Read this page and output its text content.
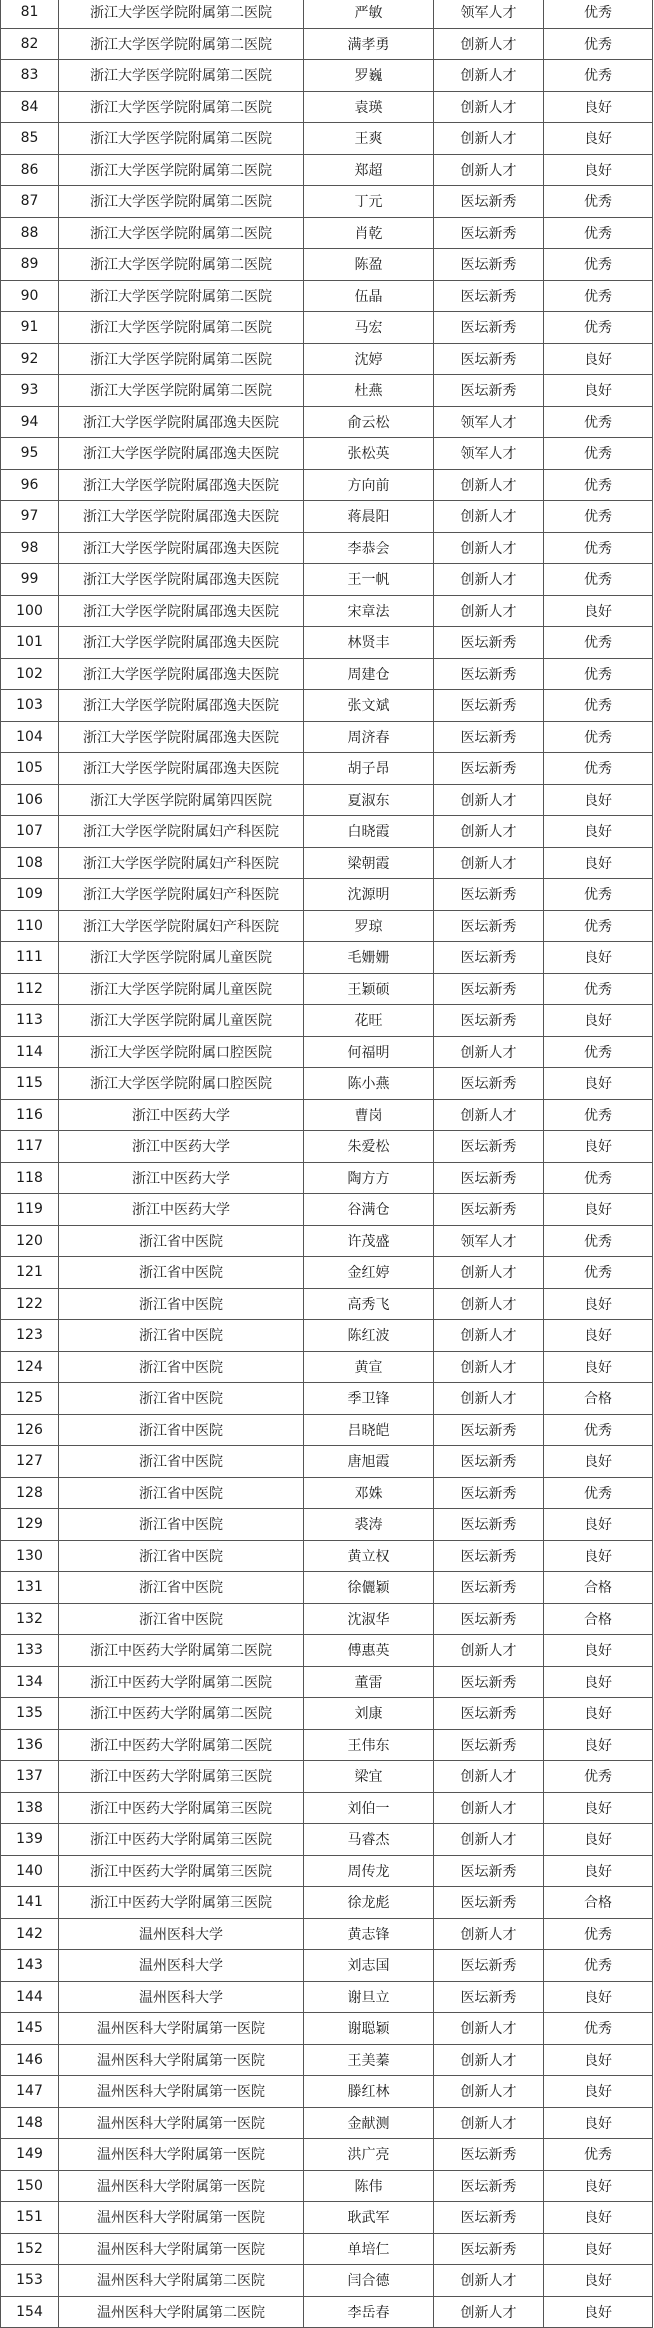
81	浙江大学医学院附属第二医院	严敏	领军人才	优秀
82	浙江大学医学院附属第二医院	满孝勇	创新人才	优秀
83	浙江大学医学院附属第二医院	罗巍	创新人才	优秀
84	浙江大学医学院附属第二医院	袁瑛	创新人才	良好
85	浙江大学医学院附属第二医院	王爽	创新人才	良好
86	浙江大学医学院附属第二医院	郑超	创新人才	良好
87	浙江大学医学院附属第二医院	丁元	医坛新秀	优秀
88	浙江大学医学院附属第二医院	肖乾	医坛新秀	优秀
89	浙江大学医学院附属第二医院	陈盈	医坛新秀	优秀
90	浙江大学医学院附属第二医院	伍晶	医坛新秀	优秀
91	浙江大学医学院附属第二医院	马宏	医坛新秀	优秀
92	浙江大学医学院附属第二医院	沈婷	医坛新秀	良好
93	浙江大学医学院附属第二医院	杜燕	医坛新秀	良好
94	浙江大学医学院附属邵逸夫医院	俞云松	领军人才	优秀
95	浙江大学医学院附属邵逸夫医院	张松英	领军人才	优秀
96	浙江大学医学院附属邵逸夫医院	方向前	创新人才	优秀
97	浙江大学医学院附属邵逸夫医院	蒋晨阳	创新人才	优秀
98	浙江大学医学院附属邵逸夫医院	李恭会	创新人才	优秀
99	浙江大学医学院附属邵逸夫医院	王一帆	创新人才	优秀
100	浙江大学医学院附属邵逸夫医院	宋章法	创新人才	良好
101	浙江大学医学院附属邵逸夫医院	林贤丰	医坛新秀	优秀
102	浙江大学医学院附属邵逸夫医院	周建仓	医坛新秀	优秀
103	浙江大学医学院附属邵逸夫医院	张文斌	医坛新秀	优秀
104	浙江大学医学院附属邵逸夫医院	周济春	医坛新秀	优秀
105	浙江大学医学院附属邵逸夫医院	胡子昂	医坛新秀	优秀
106	浙江大学医学院附属第四医院	夏淑东	创新人才	良好
107	浙江大学医学院附属妇产科医院	白晓霞	创新人才	良好
108	浙江大学医学院附属妇产科医院	梁朝霞	创新人才	良好
109	浙江大学医学院附属妇产科医院	沈源明	医坛新秀	优秀
110	浙江大学医学院附属妇产科医院	罗琼	医坛新秀	优秀
111	浙江大学医学院附属儿童医院	毛姗姗	医坛新秀	良好
112	浙江大学医学院附属儿童医院	王颖硕	医坛新秀	优秀
113	浙江大学医学院附属儿童医院	花旺	医坛新秀	良好
114	浙江大学医学院附属口腔医院	何福明	创新人才	优秀
115	浙江大学医学院附属口腔医院	陈小燕	医坛新秀	良好
116	浙江中医药大学	曹岗	创新人才	优秀
117	浙江中医药大学	朱爱松	医坛新秀	良好
118	浙江中医药大学	陶方方	医坛新秀	优秀
119	浙江中医药大学	谷满仓	医坛新秀	良好
120	浙江省中医院	许茂盛	领军人才	优秀
121	浙江省中医院	金红婷	创新人才	优秀
122	浙江省中医院	高秀飞	创新人才	良好
123	浙江省中医院	陈红波	创新人才	良好
124	浙江省中医院	黄宣	创新人才	良好
125	浙江省中医院	季卫锋	创新人才	合格
126	浙江省中医院	吕晓皑	医坛新秀	优秀
127	浙江省中医院	唐旭霞	医坛新秀	良好
128	浙江省中医院	邓姝	医坛新秀	优秀
129	浙江省中医院	裘涛	医坛新秀	良好
130	浙江省中医院	黄立权	医坛新秀	良好
131	浙江省中医院	徐儷颖	医坛新秀	合格
132	浙江省中医院	沈淑华	医坛新秀	合格
133	浙江中医药大学附属第二医院	傅惠英	创新人才	良好
134	浙江中医药大学附属第二医院	董雷	医坛新秀	良好
135	浙江中医药大学附属第二医院	刘康	医坛新秀	良好
136	浙江中医药大学附属第二医院	王伟东	医坛新秀	良好
137	浙江中医药大学附属第三医院	梁宜	创新人才	优秀
138	浙江中医药大学附属第三医院	刘伯一	创新人才	良好
139	浙江中医药大学附属第三医院	马睿杰	创新人才	良好
140	浙江中医药大学附属第三医院	周传龙	医坛新秀	良好
141	浙江中医药大学附属第三医院	徐龙彪	医坛新秀	合格
142	温州医科大学	黄志锋	创新人才	优秀
143	温州医科大学	刘志国	医坛新秀	优秀
144	温州医科大学	谢旦立	医坛新秀	良好
145	温州医科大学附属第一医院	谢聪颖	创新人才	优秀
146	温州医科大学附属第一医院	王美蓁	创新人才	良好
147	温州医科大学附属第一医院	滕红林	创新人才	良好
148	温州医科大学附属第一医院	金献测	创新人才	良好
149	温州医科大学附属第一医院	洪广亮	医坛新秀	优秀
150	温州医科大学附属第一医院	陈伟	医坛新秀	良好
151	温州医科大学附属第一医院	耿武军	医坛新秀	良好
152	温州医科大学附属第一医院	单培仁	医坛新秀	良好
153	温州医科大学附属第二医院	闫合德	创新人才	良好
154	温州医科大学附属第二医院	李岳春	创新人才	良好
